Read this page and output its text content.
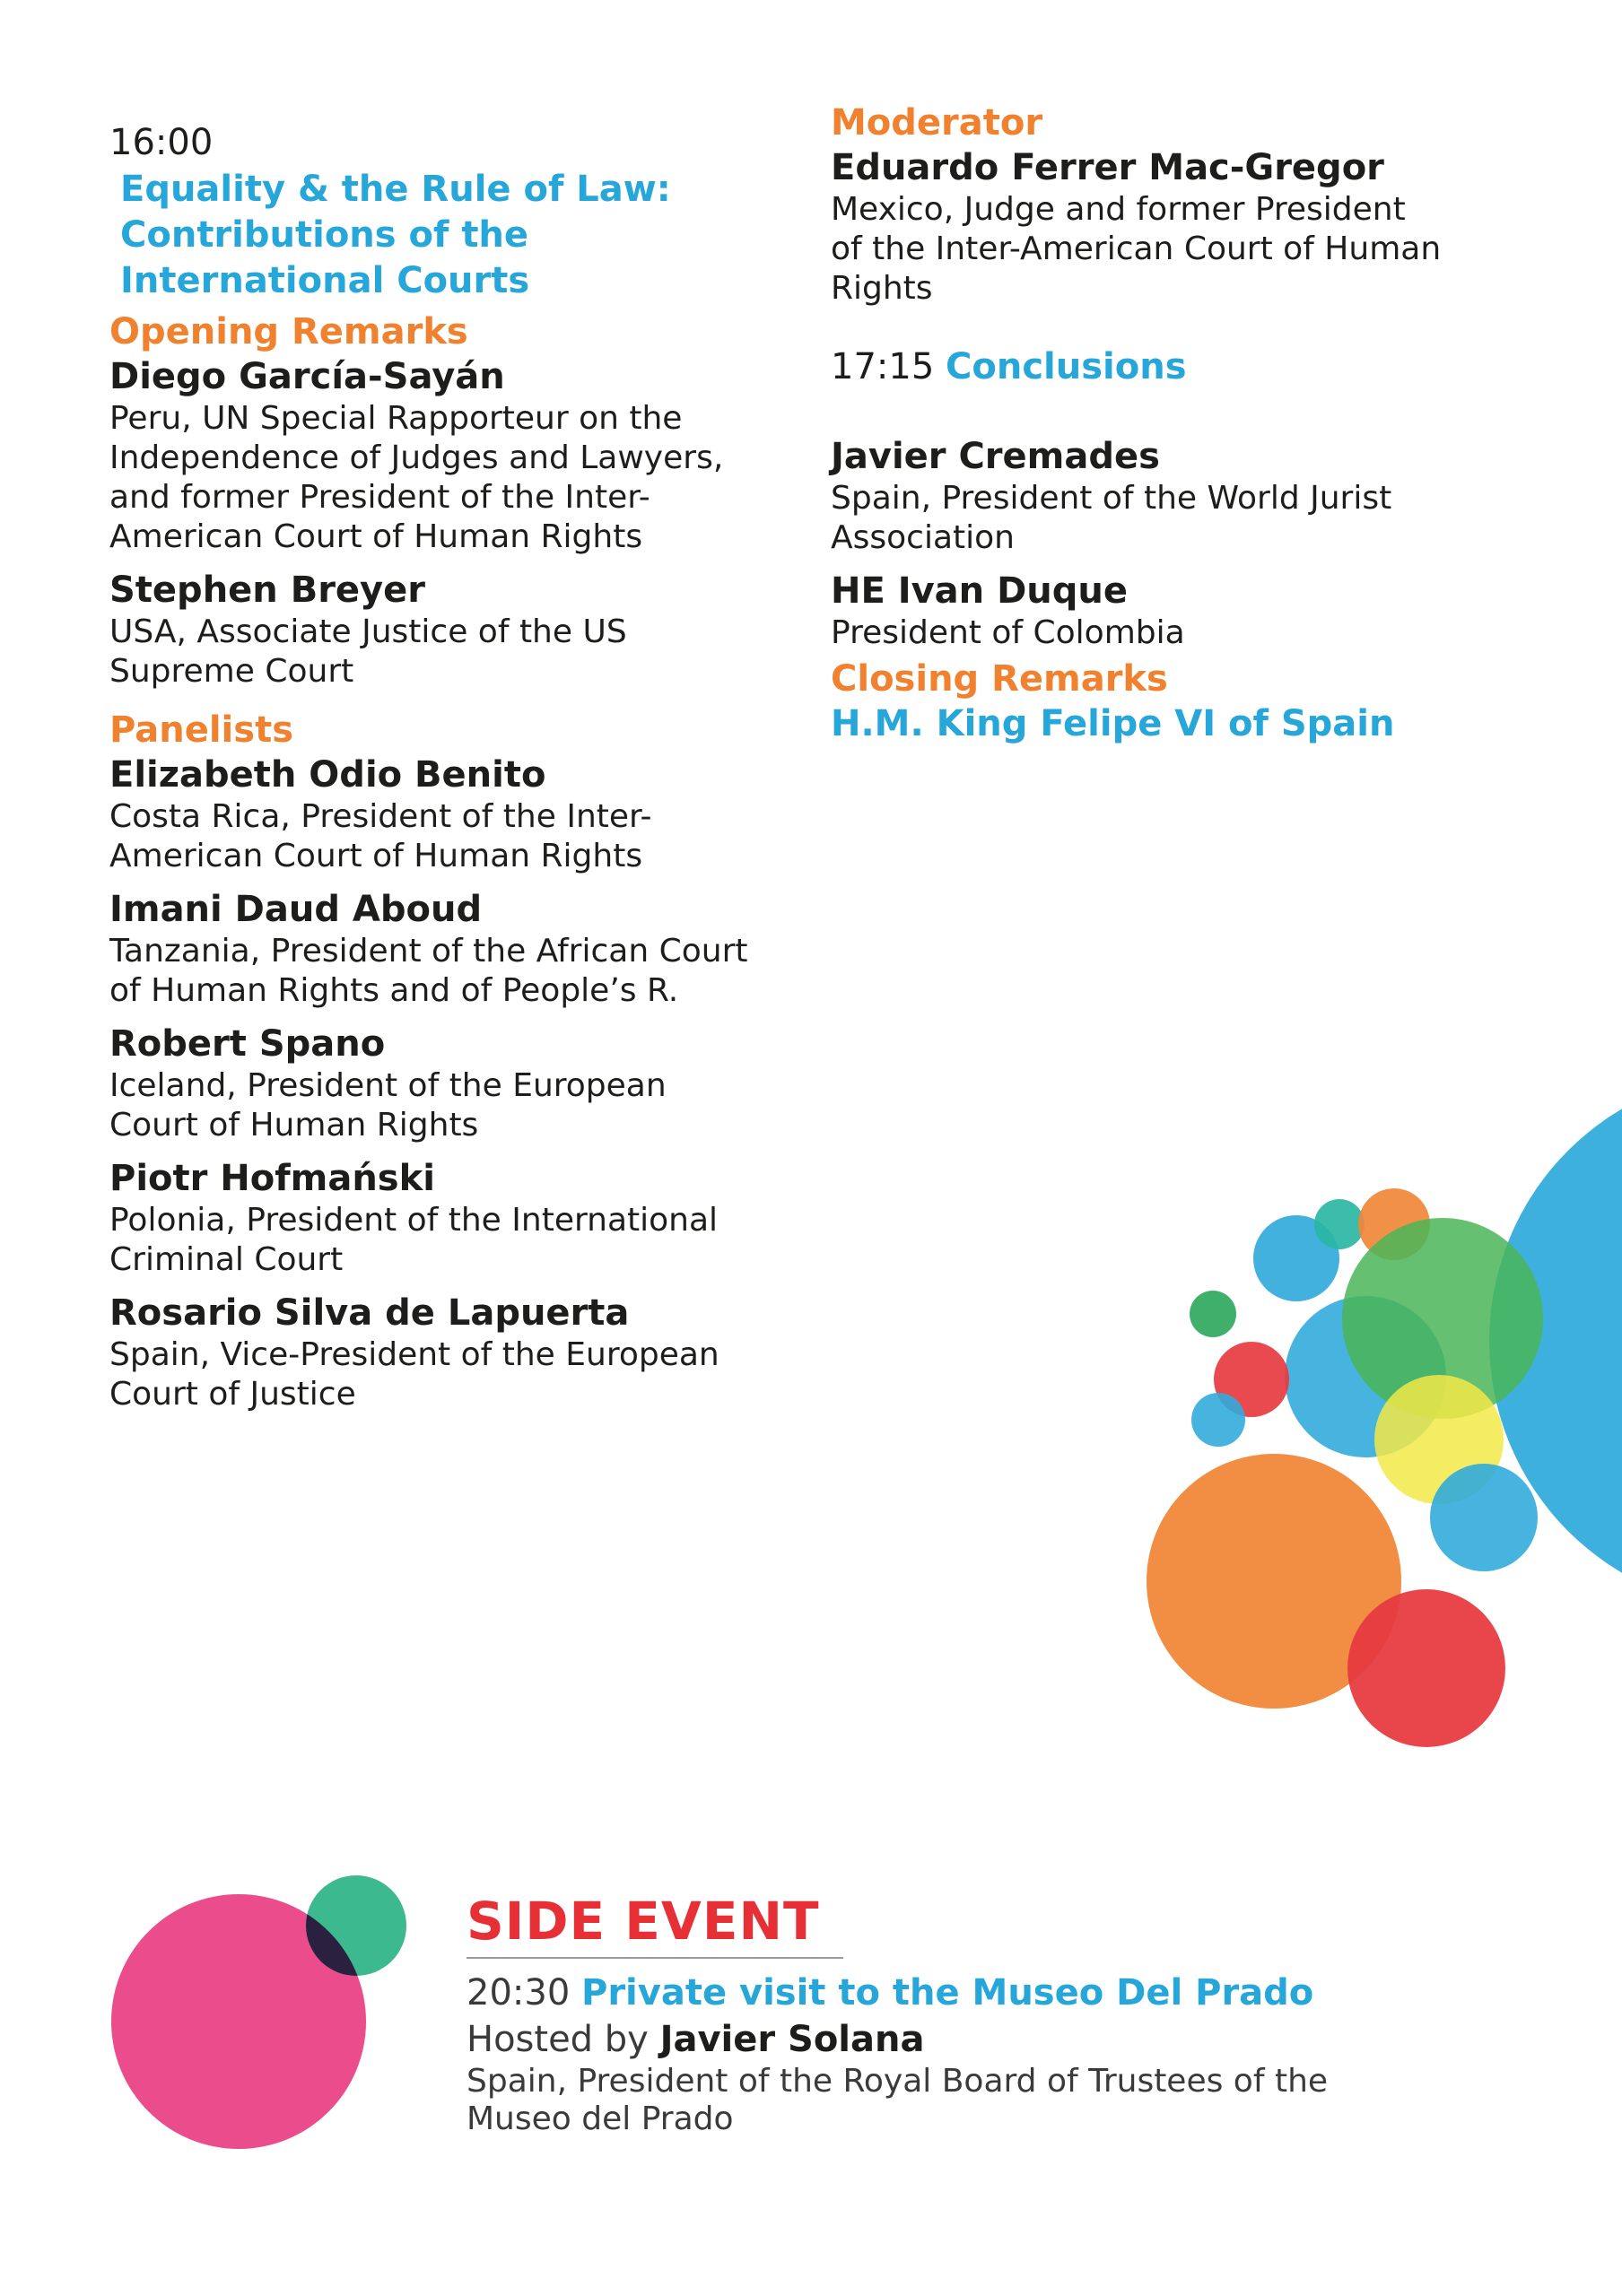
16:00
Equality & the Rule of Law:
Contributions of the
International Courts
Opening Remarks
Diego García-Sayán
Peru, UN Special Rapporteur on the
Independence of Judges and Lawyers,
and former President of the Inter-
American Court of Human Rights
Stephen Breyer
USA, Associate Justice of the US
Supreme Court
Panelists
Elizabeth Odio Benito
Costa Rica, President of the Inter-
American Court of Human Rights
Imani Daud Aboud
Tanzania, President of the African Court
of Human Rights and of People’s R.
Robert Spano
Iceland, President of the European
Court of Human Rights
Piotr Hofmański
Polonia, President of the International
Criminal Court
Rosario Silva de Lapuerta
Spain, Vice-President of the European
Court of Justice
Moderator
Eduardo Ferrer Mac-Gregor
Mexico, Judge and former President
of the Inter-American Court of Human
Rights
17:15 Conclusions
Javier Cremades
Spain, President of the World Jurist
Association
HE Ivan Duque
President of Colombia
Closing Remarks
H.M. King Felipe VI of Spain
SIDE EVENT
20:30 Private visit to the Museo Del Prado
Hosted by Javier Solana
Spain, President of the Royal Board of Trustees of the
Museo del Prado
